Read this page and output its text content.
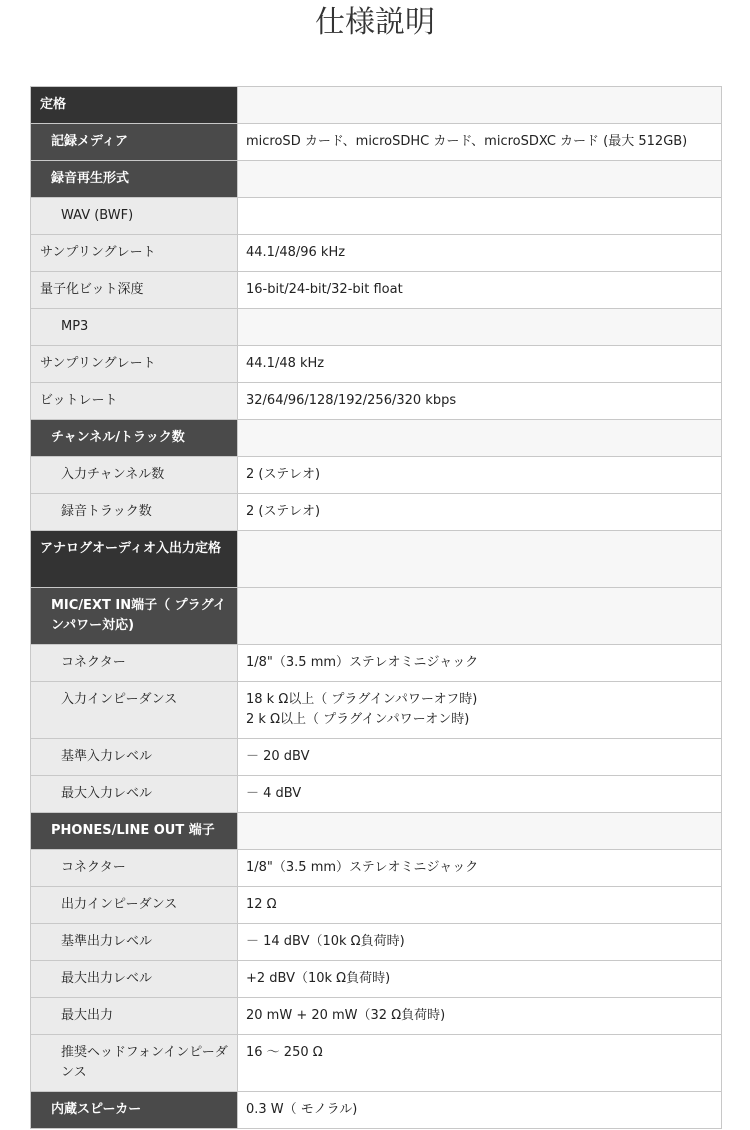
仕様説明
定格	
記録メディア	microSD カード、microSDHC カード、microSDXC カード (最大 512GB)
録音再生形式	
WAV (BWF)	
サンプリングレート	44.1/48/96 kHz
量子化ビット深度	16-bit/24-bit/32-bit float
MP3	
サンプリングレート	44.1/48 kHz
ビットレート	32/64/96/128/192/256/320 kbps
チャンネル/トラック数	
入力チャンネル数	2 (ステレオ)
録音トラック数	2 (ステレオ)
アナログオーディオ入出力定格	
MIC/EXT IN端子（ プラグインパワー対応)	
コネクター	1/8"（3.5 mm）ステレオミニジャック
入力インピーダンス	18 k Ω以上（ プラグインパワーオフ時)
2 k Ω以上（ プラグインパワーオン時)

基準入力レベル	－ 20 dBV
最大入力レベル	－ 4 dBV
PHONES/LINE OUT 端子	
コネクター	1/8"（3.5 mm）ステレオミニジャック
出力インピーダンス	12 Ω
基準出力レベル	－ 14 dBV（10k Ω負荷時)
最大出力レベル	+2 dBV（10k Ω負荷時)
最大出力	20 mW + 20 mW（32 Ω負荷時)
推奨ヘッドフォンインピーダンス	16 ～ 250 Ω
内蔵スピーカー	0.3 W（ モノラル)
